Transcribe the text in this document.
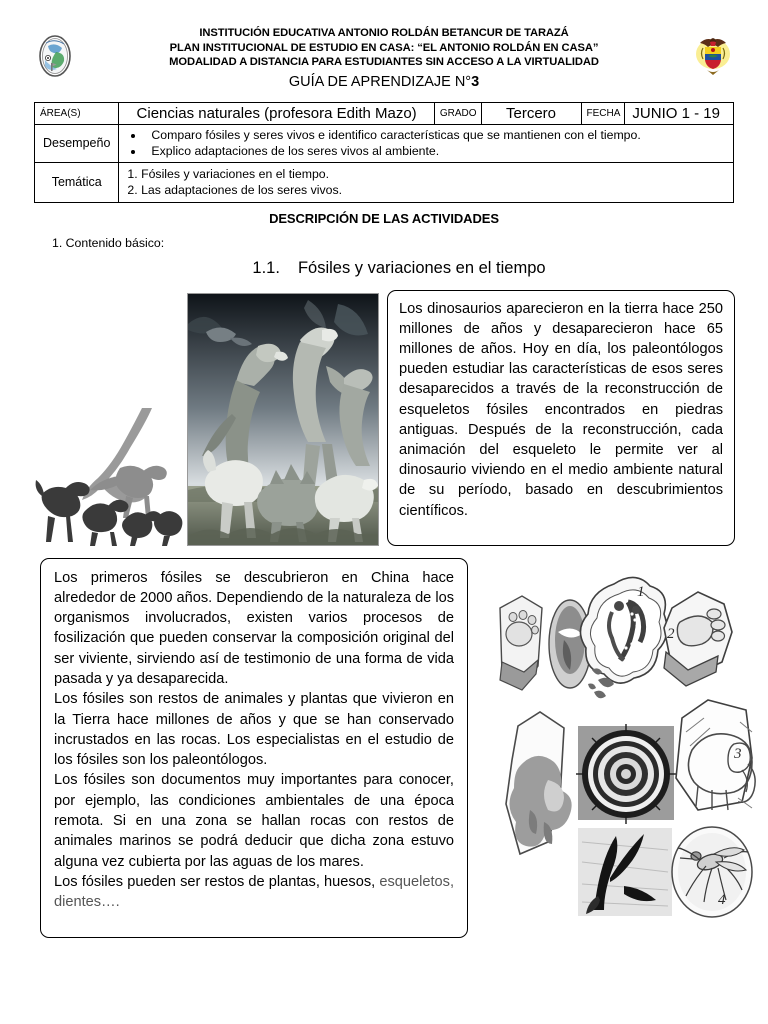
INSTITUCIÓN EDUCATIVA ANTONIO ROLDÁN BETANCUR DE TARAZÁ
PLAN INSTITUCIONAL DE ESTUDIO EN CASA: “EL ANTONIO ROLDÁN EN CASA”
MODALIDAD A DISTANCIA PARA ESTUDIANTES SIN ACCESO A LA VIRTUALIDAD
GUÍA DE APRENDIZAJE N°3
ÁREA(S)	Ciencias naturales (profesora Edith Mazo)	GRADO	Tercero	FECHA	JUNIO 1 - 19
Desempeño	
• Comparo fósiles y seres vivos e identifico características que se mantienen con el tiempo.
• Explico adaptaciones de los seres vivos al ambiente.

Temática	1. Fósiles y variaciones en el tiempo.
2. Las adaptaciones de los seres vivos.				
DESCRIPCIÓN DE LAS ACTIVIDADES
1. Contenido básico:
1.1. Fósiles y variaciones en el tiempo

Los dinosaurios aparecieron en la tierra hace 250 millones de años y desaparecieron hace 65 millones de años. Hoy en día, los paleontólogos pueden estudiar las características de esos seres desaparecidos a través de la reconstrucción de esqueletos fósiles encontrados en piedras antiguas. Después de la reconstrucción, cada animación del esqueleto le permite ver al dinosaurio viviendo en el medio ambiente natural de su período, basado en descubrimientos científicos.

Los primeros fósiles se descubrieron en China hace alrededor de 2000 años. Dependiendo de la naturaleza de los organismos involucrados, existen varios procesos de fosilización que pueden conservar la composición original del ser viviente, sirviendo así de testimonio de una forma de vida pasada y ya desaparecida.

Los fósiles son restos de animales y plantas que vivieron en la Tierra hace millones de años y que se han conservado incrustados en las rocas. Los especialistas en el estudio de los fósiles son los paleontólogos.

Los fósiles son documentos muy importantes para conocer, por ejemplo, las condiciones ambientales de una época remota. Si en una zona se hallan rocas con restos de animales marinos se podrá deducir que dicha zona estuvo alguna vez cubierta por las aguas de los mares.

Los fósiles pueden ser restos de plantas, huesos, esqueletos, dientes….

1
2
3
4
